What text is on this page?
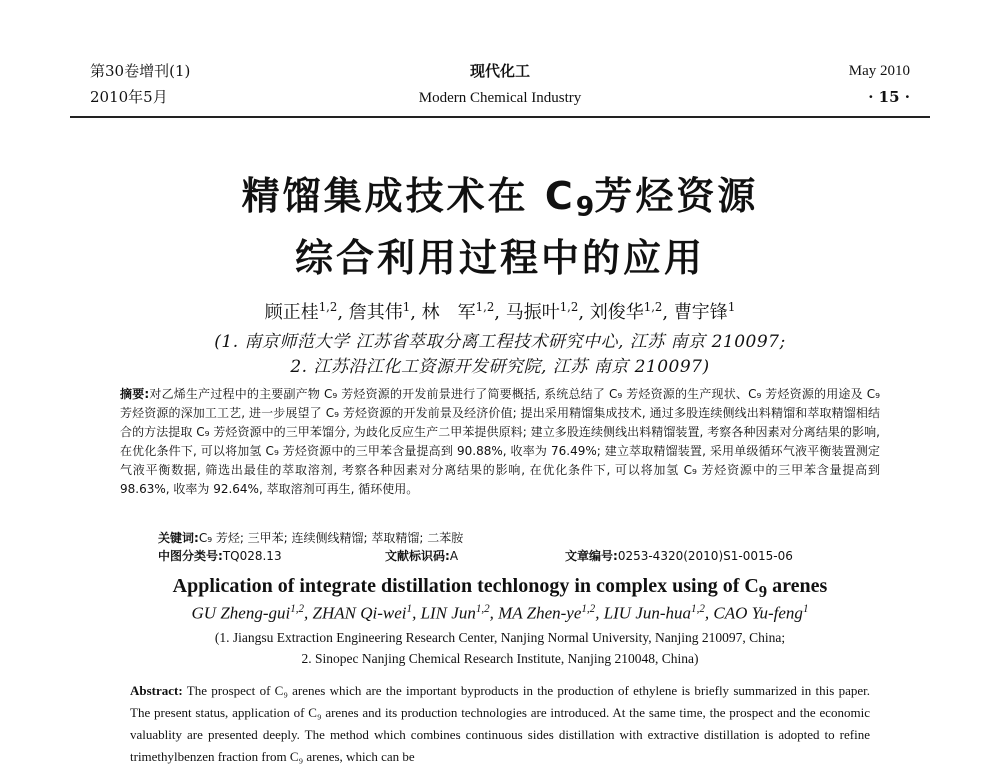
第30卷增刊(1)
2010年5月
现代化工
Modern Chemical Industry
May 2010
· 15 ·
精馏集成技术在 $C_9$芳烃资源
综合利用过程中的应用
顾正桂$^{1,2}$, 詹其伟$^1$, 林　军$^{1,2}$, 马振叶$^{1,2}$, 刘俊华$^{1,2}$, 曹宇锋$^1$
(1. 南京师范大学 江苏省萃取分离工程技术研究中心, 江苏 南京 210097;
2. 江苏沿江化工资源开发研究院, 江苏 南京 210097)
摘要:对乙烯生产过程中的主要副产物 C₉ 芳烃资源的开发前景进行了简要概括, 系统总结了 C₉ 芳烃资源的生产现状、C₉ 芳烃资源的用途及 C₉ 芳烃资源的深加工工艺, 进一步展望了 C₉ 芳烃资源的开发前景及经济价值; 提出采用精馏集成技术, 通过多股连续侧线出料精馏和萃取精馏相结合的方法提取 C₉ 芳烃资源中的三甲苯馏分, 为歧化反应生产二甲苯提供原料; 建立多股连续侧线出料精馏装置, 考察各种因素对分离结果的影响, 在优化条件下, 可以将加氢 C₉ 芳烃资源中的三甲苯含量提高到 90.88%, 收率为 76.49%; 建立萃取精馏装置, 采用单级循环气液平衡装置测定气液平衡数据, 筛选出最佳的萃取溶剂, 考察各种因素对分离结果的影响, 在优化条件下, 可以将加氢 C₉ 芳烃资源中的三甲苯含量提高到 98.63%, 收率为 92.64%, 萃取溶剂可再生, 循环使用。
关键词:C₉ 芳烃; 三甲苯; 连续侧线精馏; 萃取精馏; 二苯胺
中图分类号:TQ028.13	文献标识码:A	文章编号:0253-4320(2010)S1-0015-06
Application of integrate distillation techlonogy in complex using of $C_9$ arenes
GU Zheng-gui$^{1,2}$, ZHAN Qi-wei$^1$, LIN Jun$^{1,2}$, MA Zhen-ye$^{1,2}$, LIU Jun-hua$^{1,2}$, CAO Yu-feng$^1$
(1. Jiangsu Extraction Engineering Research Center, Nanjing Normal University, Nanjing 210097, China;
2. Sinopec Nanjing Chemical Research Institute, Nanjing 210048, China)
Abstract: The prospect of C₉ arenes which are the important byproducts in the production of ethylene is briefly summarized in this paper. The present status, application of C₉ arenes and its production technologies are introduced. At the same time, the prospect and the economic valuablity are presented deeply. The method which combines continuous sides distillation with extractive distillation is adopted to refine trimethylbenzen fraction from C₉ arenes, which can be
